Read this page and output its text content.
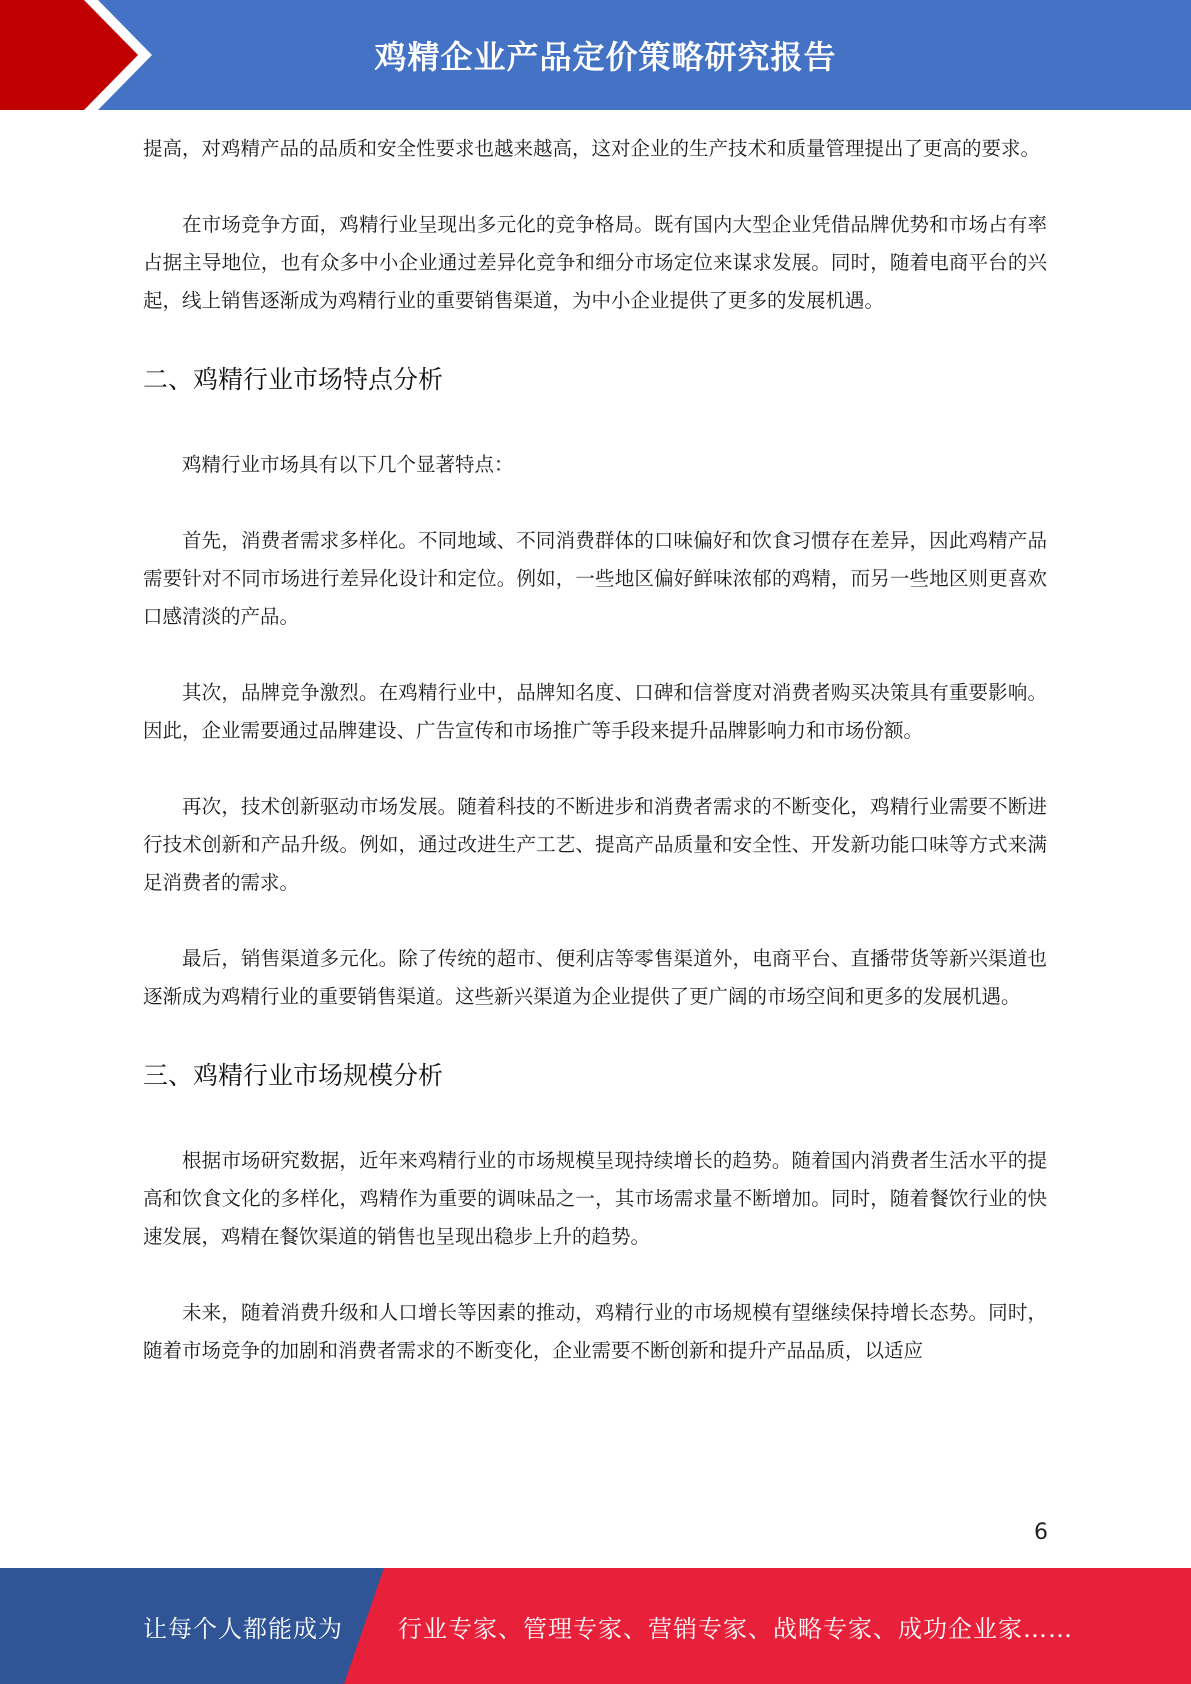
鸡精企业产品定价策略研究报告

提高，对鸡精产品的品质和安全性要求也越来越高，这对企业的生产技术和质量管理提出了更高的要求。

在市场竞争方面，鸡精行业呈现出多元化的竞争格局。既有国内大型企业凭借品牌优势和市场占有率占据主导地位，也有众多中小企业通过差异化竞争和细分市场定位来谋求发展。同时，随着电商平台的兴起，线上销售逐渐成为鸡精行业的重要销售渠道，为中小企业提供了更多的发展机遇。

二、鸡精行业市场特点分析

鸡精行业市场具有以下几个显著特点：

首先，消费者需求多样化。不同地域、不同消费群体的口味偏好和饮食习惯存在差异，因此鸡精产品需要针对不同市场进行差异化设计和定位。例如，一些地区偏好鲜味浓郁的鸡精，而另一些地区则更喜欢口感清淡的产品。

其次，品牌竞争激烈。在鸡精行业中，品牌知名度、口碑和信誉度对消费者购买决策具有重要影响。因此，企业需要通过品牌建设、广告宣传和市场推广等手段来提升品牌影响力和市场份额。

再次，技术创新驱动市场发展。随着科技的不断进步和消费者需求的不断变化，鸡精行业需要不断进行技术创新和产品升级。例如，通过改进生产工艺、提高产品质量和安全性、开发新功能口味等方式来满足消费者的需求。

最后，销售渠道多元化。除了传统的超市、便利店等零售渠道外，电商平台、直播带货等新兴渠道也逐渐成为鸡精行业的重要销售渠道。这些新兴渠道为企业提供了更广阔的市场空间和更多的发展机遇。

三、鸡精行业市场规模分析

根据市场研究数据，近年来鸡精行业的市场规模呈现持续增长的趋势。随着国内消费者生活水平的提高和饮食文化的多样化，鸡精作为重要的调味品之一，其市场需求量不断增加。同时，随着餐饮行业的快速发展，鸡精在餐饮渠道的销售也呈现出稳步上升的趋势。

未来，随着消费升级和人口增长等因素的推动，鸡精行业的市场规模有望继续保持增长态势。同时，随着市场竞争的加剧和消费者需求的不断变化，企业需要不断创新和提升产品品质，以适应

6
让每个人都能成为 行业专家、管理专家、营销专家、战略专家、成功企业家……
